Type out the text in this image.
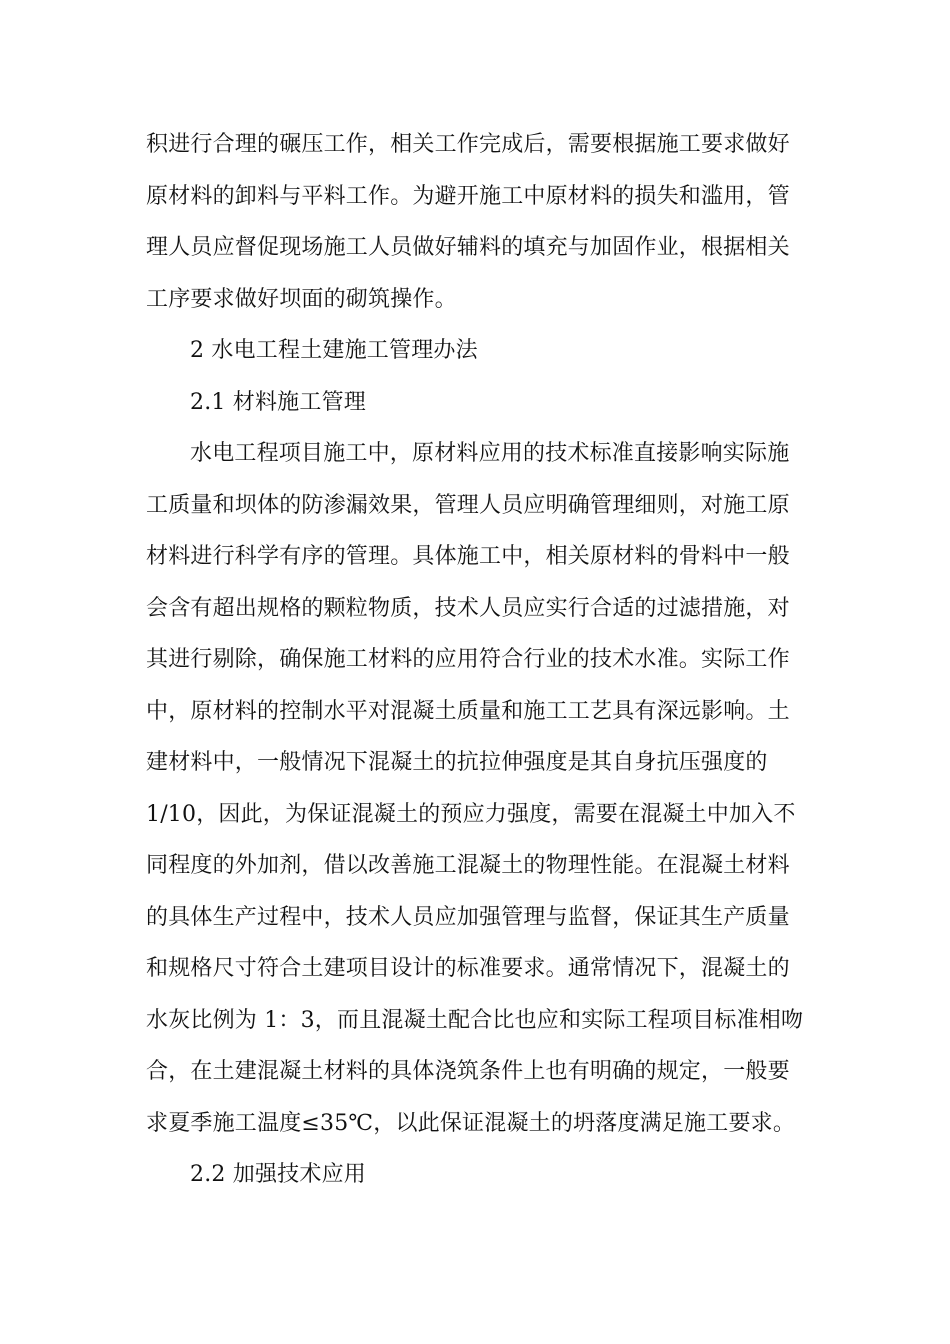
积进行合理的碾压工作，相关工作完成后，需要根据施工要求做好
原材料的卸料与平料工作。为避开施工中原材料的损失和滥用，管
理人员应督促现场施工人员做好辅料的填充与加固作业，根据相关
工序要求做好坝面的砌筑操作。
2 水电工程土建施工管理办法
2.1 材料施工管理
水电工程项目施工中，原材料应用的技术标准直接影响实际施
工质量和坝体的防渗漏效果，管理人员应明确管理细则，对施工原
材料进行科学有序的管理。具体施工中，相关原材料的骨料中一般
会含有超出规格的颗粒物质，技术人员应实行合适的过滤措施，对
其进行剔除，确保施工材料的应用符合行业的技术水准。实际工作
中，原材料的控制水平对混凝土质量和施工工艺具有深远影响。土
建材料中，一般情况下混凝土的抗拉伸强度是其自身抗压强度的
1/10，因此，为保证混凝土的预应力强度，需要在混凝土中加入不
同程度的外加剂，借以改善施工混凝土的物理性能。在混凝土材料
的具体生产过程中，技术人员应加强管理与监督，保证其生产质量
和规格尺寸符合土建项目设计的标准要求。通常情况下，混凝土的
水灰比例为 1：3，而且混凝土配合比也应和实际工程项目标准相吻
合，在土建混凝土材料的具体浇筑条件上也有明确的规定，一般要
求夏季施工温度≤35℃，以此保证混凝土的坍落度满足施工要求。
2.2 加强技术应用
